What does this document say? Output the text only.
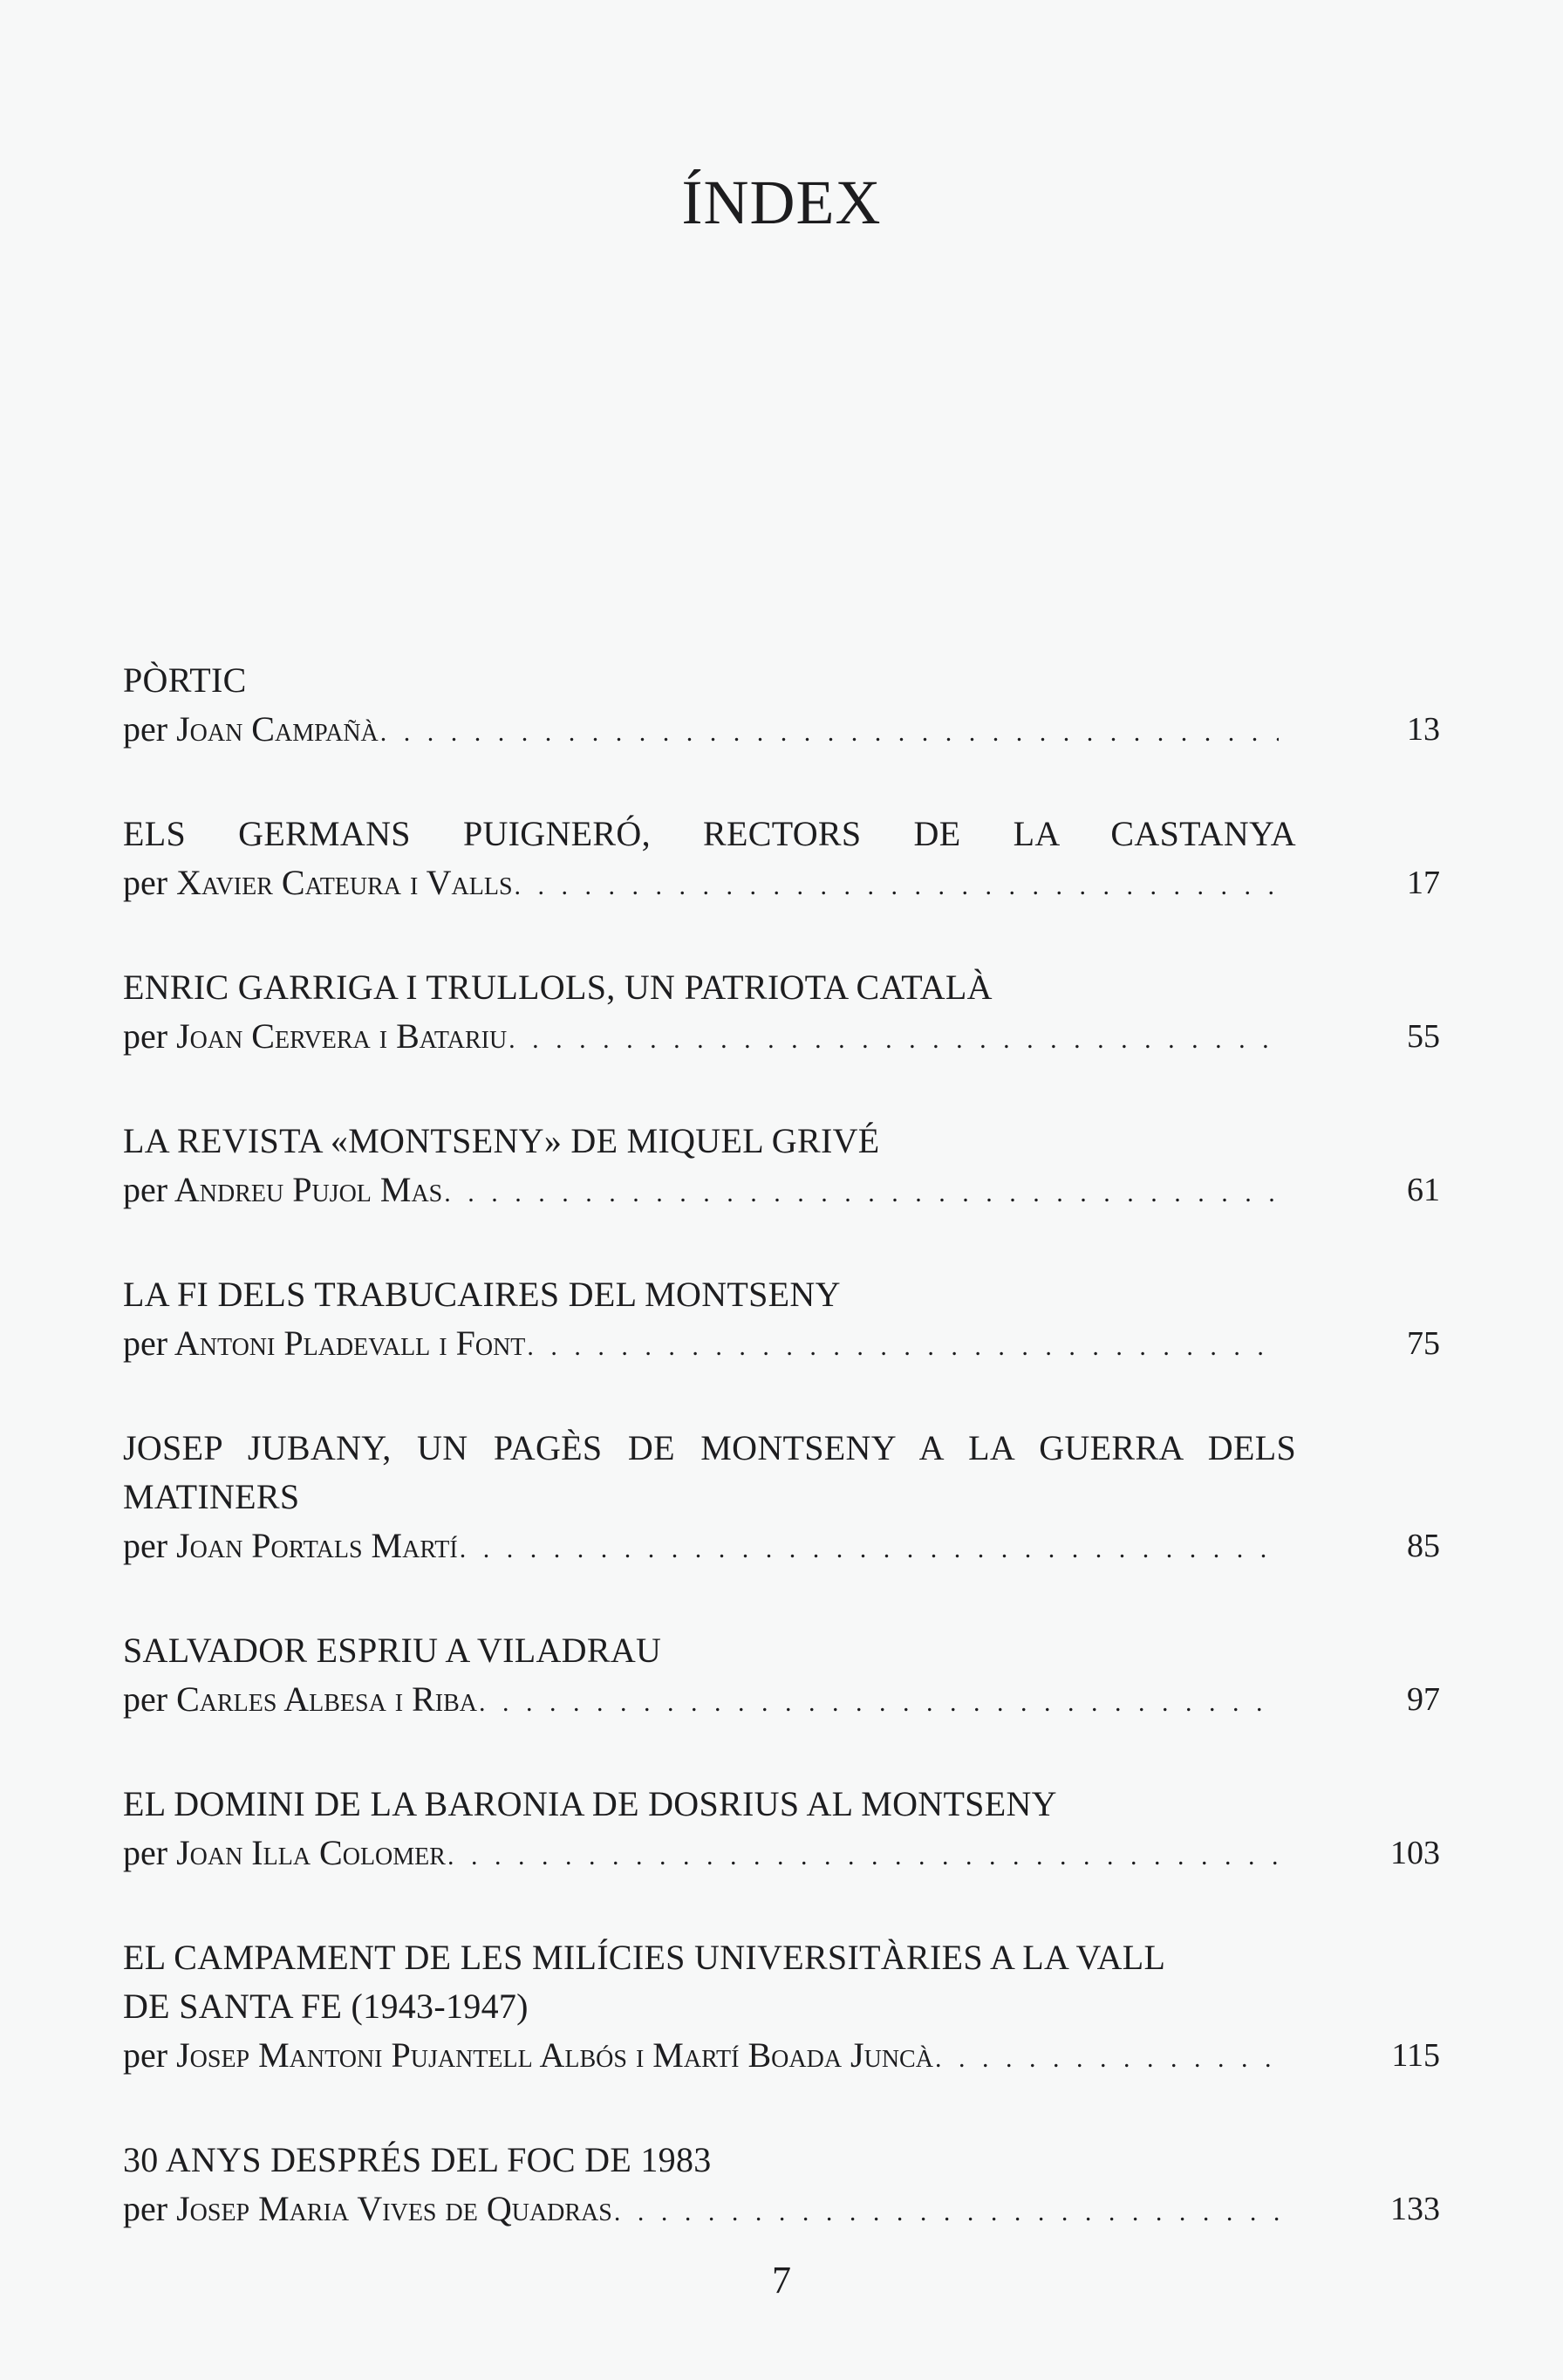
ÍNDEX
PÒRTIC
per Joan Campañà . . .	13
ELS GERMANS PUIGNERÓ, RECTORS DE LA CASTANYA
per Xavier Cateura i Valls . . .	17
ENRIC GARRIGA I TRULLOLS, UN PATRIOTA CATALÀ
per Joan Cervera i Batariu . . .	55
LA REVISTA «MONTSENY» DE MIQUEL GRIVÉ
per Andreu Pujol Mas . . .	61
LA FI DELS TRABUCAIRES DEL MONTSENY
per Antoni Pladevall i Font . . .	75
JOSEP JUBANY, UN PAGÈS DE MONTSENY A LA GUERRA DELS
MATINERS
per Joan Portals Martí . . .	85
SALVADOR ESPRIU A VILADRAU
per Carles Albesa i Riba . . .	97
EL DOMINI DE LA BARONIA DE DOSRIUS AL MONTSENY
per Joan Illa Colomer . . .	103
EL CAMPAMENT DE LES MILÍCIES UNIVERSITÀRIES A LA VALL
DE SANTA FE (1943-1947)
per Josep Mantoni Pujantell Albós i Martí Boada Juncà . . .	115
30 ANYS DESPRÉS DEL FOC DE 1983
per Josep Maria Vives de Quadras . . .	133
7
